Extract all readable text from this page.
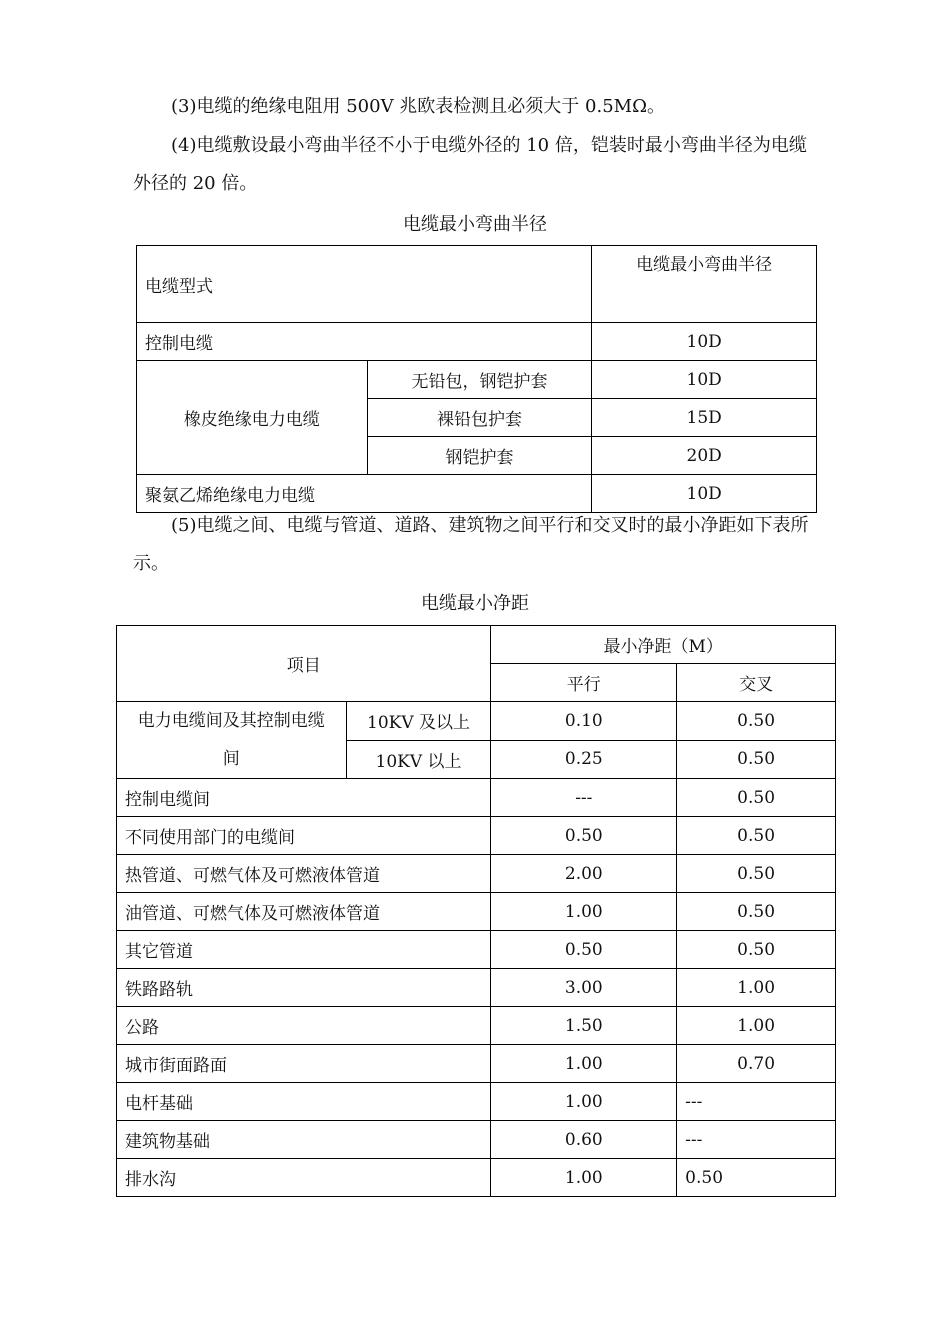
(3)电缆的绝缘电阻用 500V 兆欧表检测且必须大于 0.5MΩ。
(4)电缆敷设最小弯曲半径不小于电缆外径的 10 倍，铠装时最小弯曲半径为电缆外径的 20 倍。
电缆最小弯曲半径
电缆型式		电缆最小弯曲半径
控制电缆		10D
橡皮绝缘电力电缆	无铅包，钢铠护套	10D
	裸铅包护套	15D
	钢铠护套	20D
聚氨乙烯绝缘电力电缆		10D
(5)电缆之间、电缆与管道、道路、建筑物之间平行和交叉时的最小净距如下表所示。
电缆最小净距
项目		最小净距（M）	
		平行	交叉

电力电缆间及其控制电缆
间	10KV 及以上	0.10	0.50
	10KV 以上	0.25	0.50
控制电缆间		---	0.50
不同使用部门的电缆间		0.50	0.50
热管道、可燃气体及可燃液体管道		2.00	0.50
油管道、可燃气体及可燃液体管道		1.00	0.50
其它管道		0.50	0.50
铁路路轨		3.00	1.00
公路		1.50	1.00
城市街面路面		1.00	0.70
电杆基础		1.00	---
建筑物基础		0.60	---
排水沟		1.00	0.50
